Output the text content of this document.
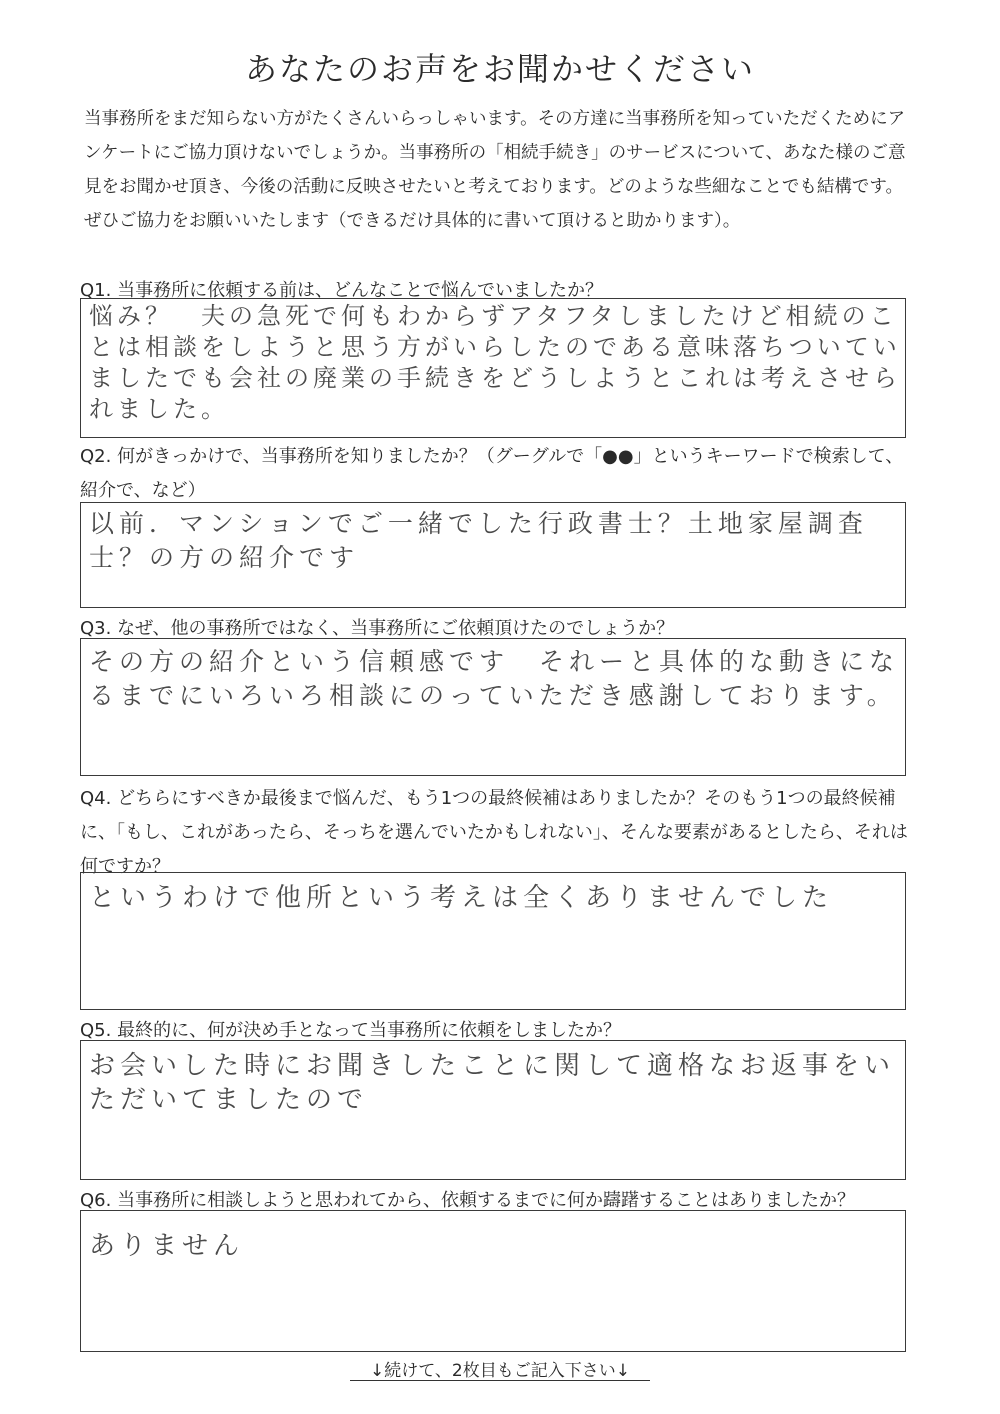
あなたのお声をお聞かせください
当事務所をまだ知らない方がたくさんいらっしゃいます。その方達に当事務所を知っていただくためにアンケートにご協力頂けないでしょうか。当事務所の「相続手続き」のサービスについて、あなた様のご意見をお聞かせ頂き、今後の活動に反映させたいと考えております。どのような些細なことでも結構です。ぜひご協力をお願いいたします（できるだけ具体的に書いて頂けると助かります）。
Q1. 当事務所に依頼する前は、どんなことで悩んでいましたか？
悩み？　夫の急死で何もわからずアタフタしましたけど相続のことは相談をしようと思う方がいらしたのである意味落ちついていましたでも会社の廃業の手続きをどうしようとこれは考えさせられました。
Q2. 何がきっかけで、当事務所を知りましたか？（グーグルで「●●」というキーワードで検索して、紹介で、など）
以前．マンションでご一緒でした行政書士？土地家屋調査士？の方の紹介です
Q3. なぜ、他の事務所ではなく、当事務所にご依頼頂けたのでしょうか？
その方の紹介という信頼感です　それーと具体的な動きになるまでにいろいろ相談にのっていただき感謝しております。
Q4. どちらにすべきか最後まで悩んだ、もう1つの最終候補はありましたか？そのもう1つの最終候補に、「もし、これがあったら、そっちを選んでいたかもしれない」、そんな要素があるとしたら、それは何ですか？
というわけで他所という考えは全くありませんでした
Q5. 最終的に、何が決め手となって当事務所に依頼をしましたか？
お会いした時にお聞きしたことに関して適格なお返事をいただいてましたので
Q6. 当事務所に相談しようと思われてから、依頼するまでに何か躊躇することはありましたか？
ありません
↓続けて、2枚目もご記入下さい↓
